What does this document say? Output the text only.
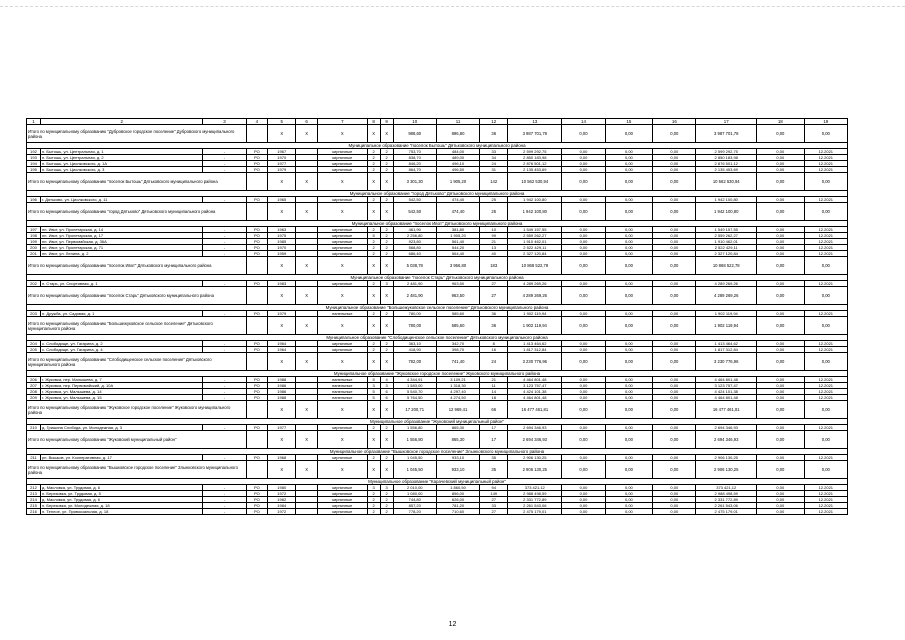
1	2	3	4	5	6	7	8	9	10	11	12	13	14	15	16	17	18	19
Итого по муниципальному образованию "Дубровское городское поселение" Дубровского муниципального района				X	X	X	X	X	988,60	896,80	36	3 987 701,78	0,00	0,00	0,00	3 987 701,78	0,00	0,00
Муниципальное образование "поселок Бытошь" Дятьковского муниципального района																		
192	п. Бытошь, ул. Центральная, д. 1	-	РО	1967		кирпичные	2	2	753,70	484,00	33	2 599 292,75	0,00	0,00	0,00	2 599 292,75	0,00	12.2021
193	п. Бытошь, ул. Центральная, д. 2	-	РО	1970		кирпичные	2	2	838,70	489,00	34	2 850 183,98	0,00	0,00	0,00	2 850 183,98	0,00	12.2021
194	п. Бытошь, ул. Циолковского, д. 1А	-	РО	1977		кирпичные	2	2	846,20	496,10	24	2 876 501,12	0,00	0,00	0,00	2 876 501,12	0,00	12.2021
195	п. Бытошь, ул. Циолковского, д. 3	-	РО	1979		кирпичные	2	2	864,70	496,50	31	2 135 453,69	0,00	0,00	0,00	2 135 453,69	0,00	12.2021
Итого по муниципальному образованию "поселок Бытошь" Дятьковского муниципального района				X	X	X	X	X	3 301,30	1 905,20	142	10 562 530,94	0,00	0,00	0,00	10 562 530,94	0,00	0,00
Муниципальное образование "город Дятьково" Дятьковского муниципального района																		
196	г. Дятьково, ул. Циолковского, д. 11	-	РО	1965		кирпичные	2	2	542,50	474,40	25	1 942 100,80	0,00	0,00	0,00	1 942 100,80	0,00	12.2021
Итого по муниципальному образованию "город Дятьково" Дятьковского муниципального района				X	X	X	X	X	542,50	474,40	25	1 942 100,80	0,00	0,00	0,00	1 942 100,80	0,00	0,00
Муниципальное образование "поселок Ивот" Дятьковского муниципального района																		
197	пп. Ивот, ул. Пролетарская, д. 14	-	РО	1963		кирпичные	2	2	461,90	381,80	10	1 549 157,55	0,00	0,00	0,00	1 549 157,55	0,00	12.2021
198	пп. Ивот, ул. Пролетарская, д. 17	-	РО	1975		кирпичные	5	2	2 256,80	1 905,20	99	2 559 262,27	0,00	0,00	0,00	2 559 262,27	0,00	12.2021
199	пп. Ивот, ул. Первомайская, д. 36А	-	РО	1985		кирпичные	2	2	923,80	561,40	21	1 910 462,01	0,00	0,00	0,00	1 910 462,01	0,00	12.2021
200	пп. Ивот, ул. Пролетарская, д. 71	-	РО	1970		кирпичные	2	2	568,80	544,20	13	2 522 429,11	0,00	0,00	0,00	2 522 429,11	0,00	12.2021
201	пп. Ивот, ул. Ленина, д. 2	-	РО	1959		кирпичные	2	2	686,40	564,40	40	2 327 120,84	0,00	0,00	0,00	2 327 120,84	0,00	12.2021
Итого по муниципальному образованию "поселок Ивот" Дятьковского муниципального района				X	X	X	X	X	5 038,78	3 956,80	183	10 868 522,78	0,00	0,00	0,00	10 868 522,78	0,00	0,00
Муниципальное образование "поселок Старь" Дятьковского муниципального района																		
202	п. Старь, ул. Спортивная, д. 1	-	РО	1983		кирпичные	2	3	2 481,90	963,50	27	4 289 269,26	0,00	0,00	0,00	4 289 269,26	0,00	12.2021
Итого по муниципальному образованию "поселок Старь" Дятьковского муниципального района				X	X	X	X	X	2 481,90	963,50	27	4 289 269,26	0,00	0,00	0,00	4 289 269,26	0,00	0,00
Муниципальное образование "Большежуковское сельское поселение" Дятьковского муниципального района																		
203	п. Дружба, ул. Садовая, д. 1	-	РО	1979		панельные	2	2	780,00	585,60	36	1 902 119,94	0,00	0,00	0,00	1 902 119,94	0,00	12.2021
Итого по муниципальному образованию "Большежуковское сельское поселение" Дятьковского муниципального района				X	X	X	X	X	780,00	585,60	36	1 902 119,94	0,00	0,00	0,00	1 902 119,94	0,00	0,00
Муниципальное образование "Слободищенское сельское поселение" Дятьковского муниципального района																		
204	с. Слободище, ул. Гагарина, д. 2	-	РО	1964		кирпичные	2	2	363,10	342,70	8	1 413 464,62	0,00	0,00	0,00	1 413 464,62	0,00	12.2021
205	с. Слободище, ул. Гагарина, д. 4	-	РО	1964		кирпичные	2	2	418,90	398,70	16	1 817 312,84	0,00	0,00	0,00	1 817 312,84	0,00	12.2021
Итого по муниципальному образованию "Слободищенское сельское поселение" Дятьковского муниципального района				X	X	X	X	X	782,00	741,40	24	3 230 776,96	0,00	0,00	0,00	3 230 776,96	0,00	0,00
Муниципальное образование "Жуковское городское поселение" Жуковского муниципального района																		
206	г. Жуковка, пер. Малышева, д. 7	-	РО	1988		панельные	5	4	4 344,91	3 109,21	21	4 464 801,48	0,00	0,00	0,00	4 464 801,48	0,00	12.2021
207	г. Жуковка, пер. Первомайский, д. 10А	-	РО	1986		панельные	3	3	1 583,00	1 318,30	11	3 123 757,47	0,00	0,00	0,00	3 123 757,47	0,00	12.2021
208	г. Жуковка, ул. Малышева, д. 14	-	РО	1986		панельные	5	6	5 540,70	4 297,40	14	4 424 101,38	0,00	0,00	0,00	4 424 101,38	0,00	12.2021
209	г. Жуковка, ул. Малышева, д. 15	-	РО	1988		панельные	5	6	5 764,50	4 274,50	18	4 464 801,48	0,00	0,00	0,00	4 464 801,48	0,00	12.2021
Итого по муниципальному образованию "Жуковское городское поселение" Жуковского муниципального района				X	X	X	X	X	17 200,71	12 969,41	66	16 477 461,81	0,00	0,00	0,00	16 477 461,81	0,00	0,00
Муниципальное образование "Жуковский муниципальный район"																		
210	д. Гришина Слобода, ул. Молодежная, д. 3	-	РО	1977		кирпичные	2	2	1 556,80	865,30	17	2 694 346,93	0,00	0,00	0,00	2 694 346,93	0,00	12.2021
Итого по муниципальному образованию "Жуковский муниципальный район"				X	X	X	X	X	1 556,80	865,30	17	2 694 346,93	0,00	0,00	0,00	2 694 346,93	0,00	0,00
Муниципальное образование "Вышковское городское поселение" Злынковского муниципального района																		
211	рп. Вышков, ул. Кооперативная, д. 17	-	РО	1968		кирпичные	2	2	1 045,50	933,10	35	2 906 130,25	0,00	0,00	0,00	2 906 130,25	0,00	12.2021
Итого по муниципальному образованию "Вышковское городское поселение" Злынковского муниципального района				X	X	X	X	X	1 045,50	933,10	35	2 906 130,25	0,00	0,00	0,00	2 906 130,25	0,00	0,00
Муниципальное образование "Карачевский муниципальный район"																		
212	д. Масловка, ул. Трудовая, д. 6	-	РО	1980		кирпичные	3	3	2 010,00	1 860,50	94	373 421,12	0,00	0,00	0,00	373 421,12	0,00	12.2021
213	п. Березовка, ул. Трудовая, д. 5	-	РО	1972		кирпичные	2	2	1 080,00	856,00	149	2 988 498,59	0,00	0,00	0,00	2 988 498,59	0,00	12.2021
214	д. Масловка, ул. Трудовая, д. 6	-	РО	1982		кирпичные	2	2	744,80	626,00	27	2 331 772,89	0,00	0,00	0,00	2 331 772,89	0,00	12.2021
215	п. Березовка, ул. Молодежная, д. 18	-	РО	1984		кирпичные	2	2	857,20	781,20	33	2 261 543,06	0,00	0,00	0,00	2 261 543,06	0,00	12.2021
216	п. Теплое, ул. Привокзальная, д. 18	-	РО	1972		кирпичные	2	2	778,20	710,60	27	2 475 179,01	0,00	0,00	0,00	2 475 179,01	0,00	12.2021
12
